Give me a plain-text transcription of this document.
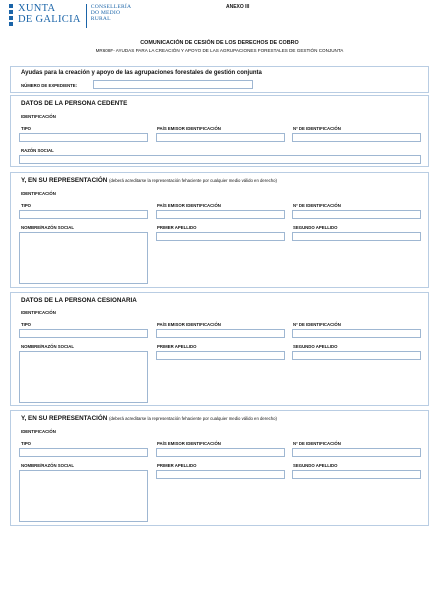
XUNTA
DE GALICIA
CONSELLERÍA
DO MEDIO
RURAL
ANEXO III
COMUNICACIÓN DE CESIÓN DE LOS DERECHOS DE COBRO
MR608F- AYUDAS PARA LA CREACIÓN Y APOYO DE LAS AGRUPACIONES FORESTALES DE GESTIÓN CONJUNTA
Ayudas para la creación y apoyo de las agrupaciones forestales de gestión conjunta
NÚMERO DE EXPEDIENTE:
DATOS DE LA PERSONA CEDENTE
IDENTIFICACIÓN
TIPO	PAÍS EMISOR IDENTIFICACIÓN	Nº DE IDENTIFICACIÓN
RAZÓN SOCIAL
Y, EN SU REPRESENTACIÓN (deberá acreditarse la representación fehaciente por cualquier medio válido en derecho)
IDENTIFICACIÓN
TIPO	PAÍS EMISOR IDENTIFICACIÓN	Nº DE IDENTIFICACIÓN
NOMBRE/RAZÓN SOCIAL	PRIMER APELLIDO	SEGUNDO APELLIDO
DATOS DE LA PERSONA CESIONARIA
IDENTIFICACIÓN
TIPO	PAÍS EMISOR IDENTIFICACIÓN	Nº DE IDENTIFICACIÓN
NOMBRE/RAZÓN SOCIAL	PRIMER APELLIDO	SEGUNDO APELLIDO
Y, EN SU REPRESENTACIÓN (deberá acreditarse la representación fehaciente por cualquier medio válido en derecho)
IDENTIFICACIÓN
TIPO	PAÍS EMISOR IDENTIFICACIÓN	Nº DE IDENTIFICACIÓN
NOMBRE/RAZÓN SOCIAL	PRIMER APELLIDO	SEGUNDO APELLIDO
